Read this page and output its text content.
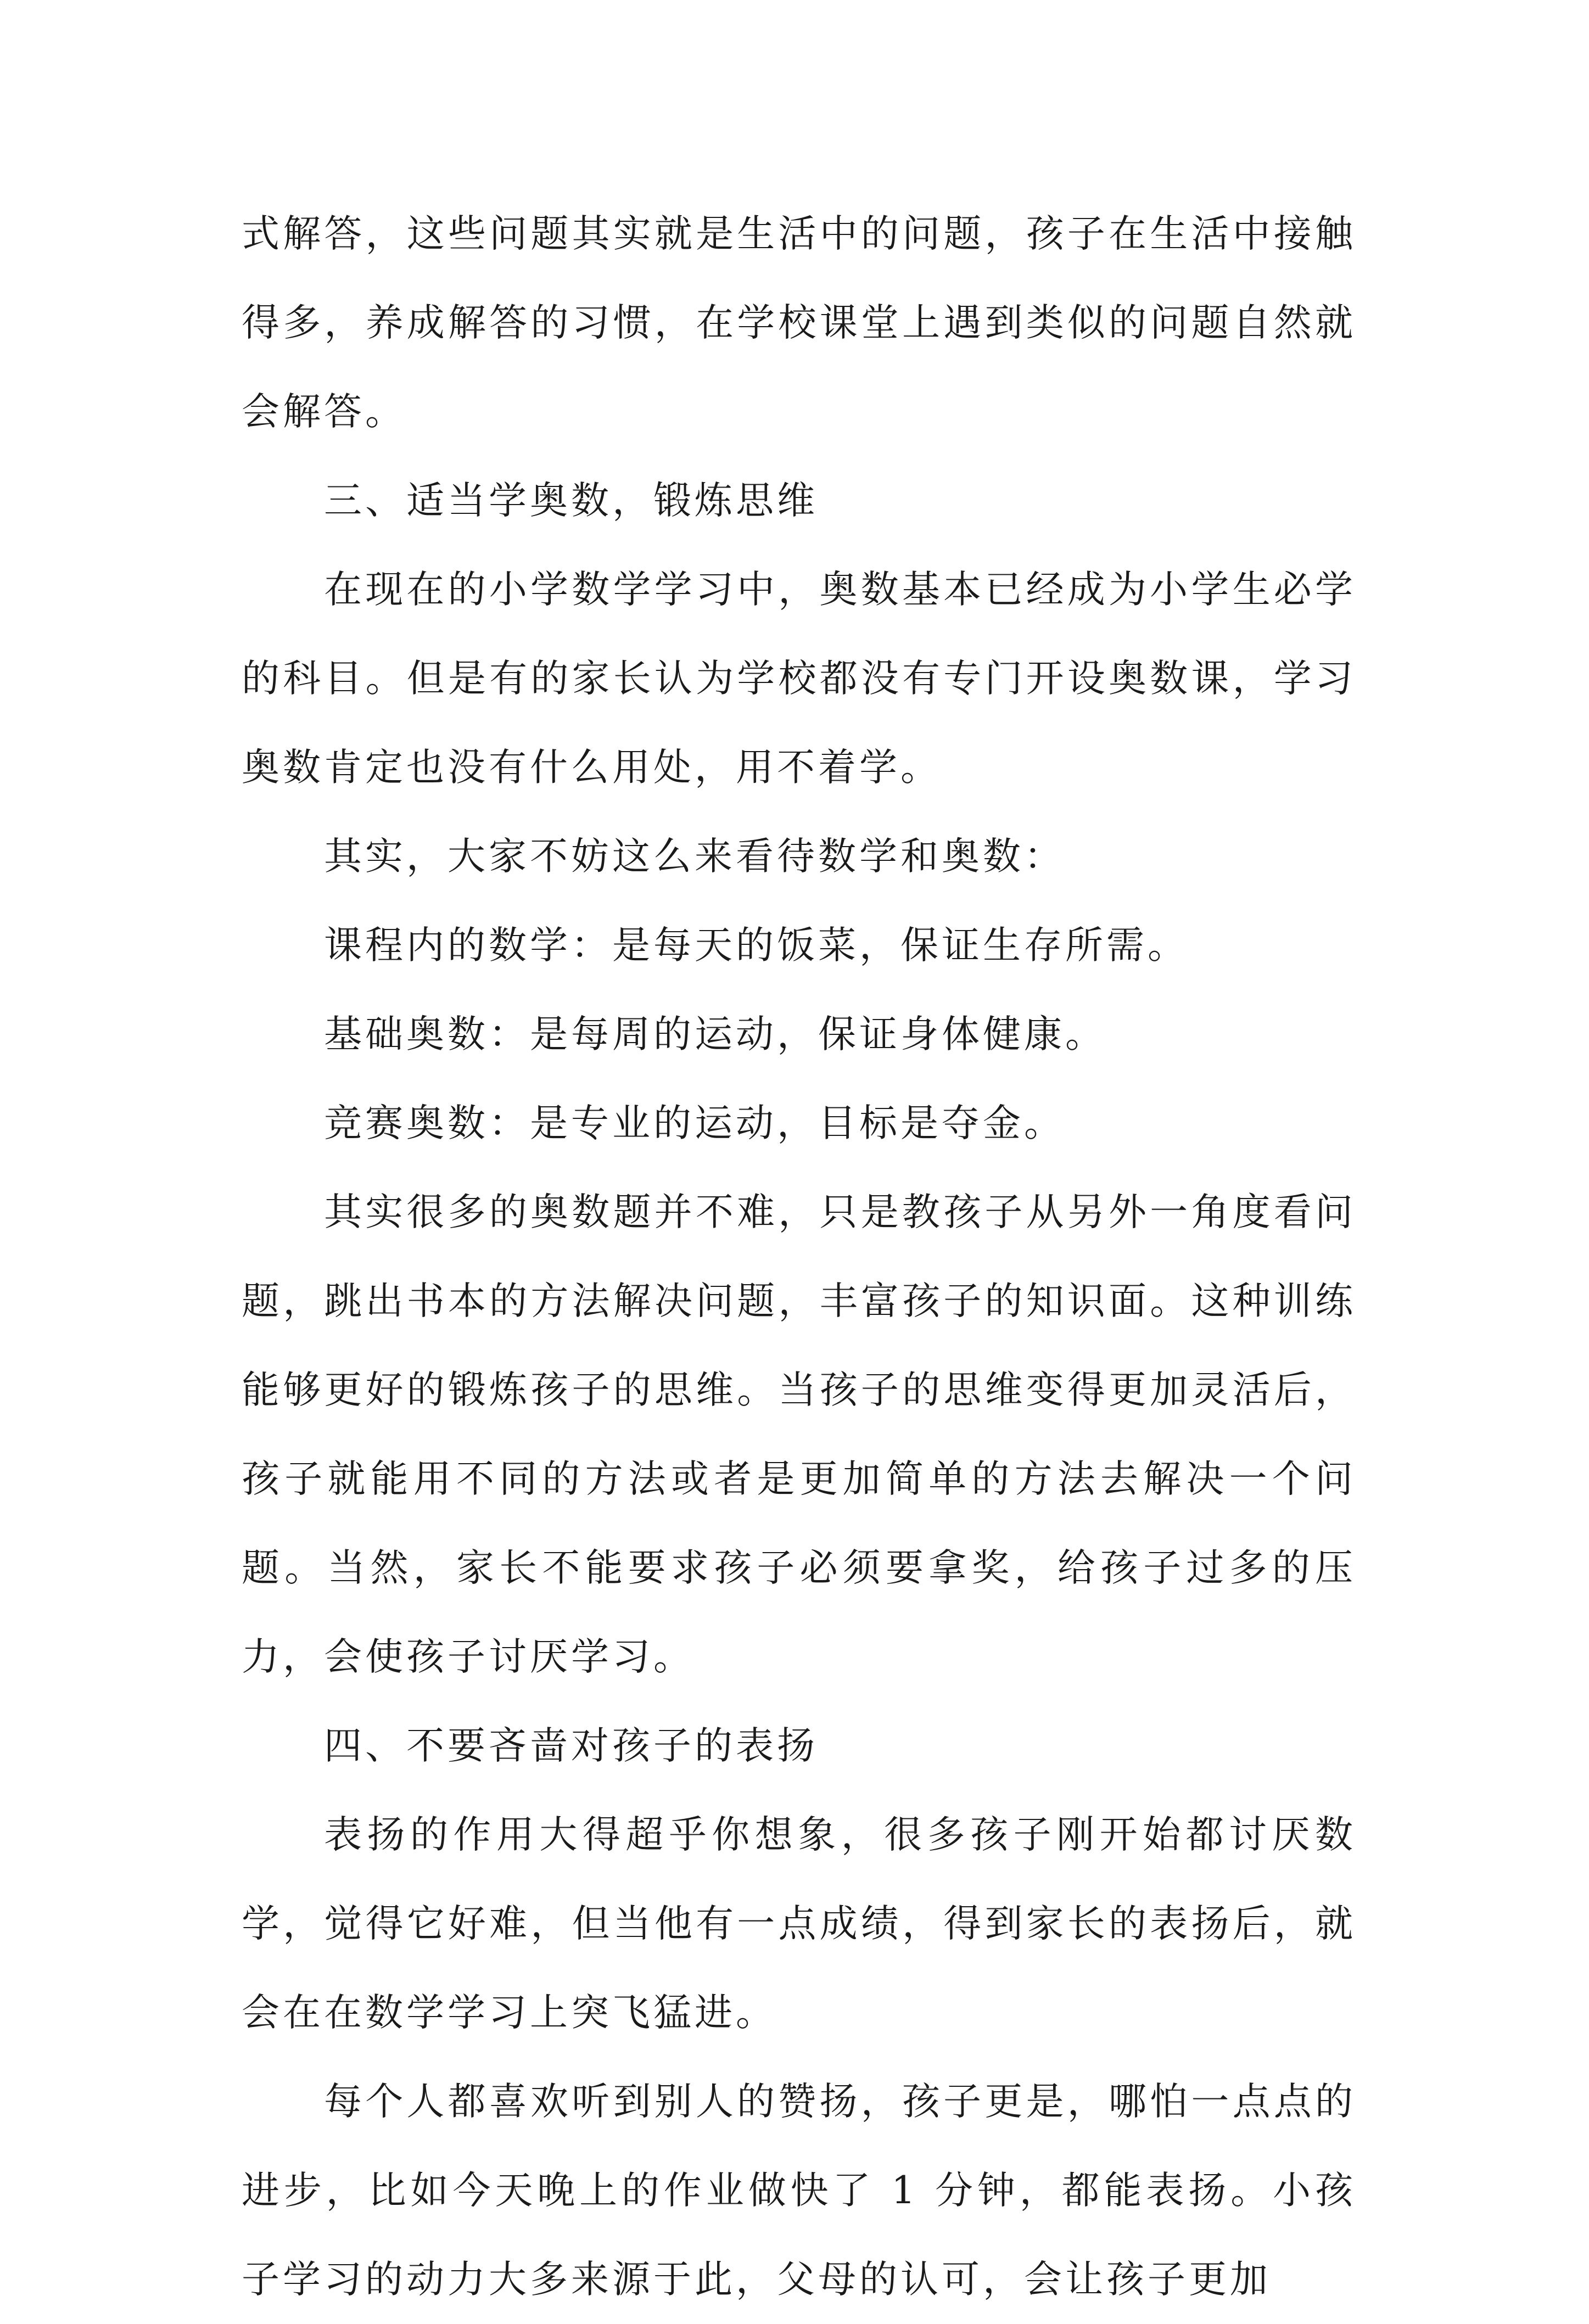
式解答，这些问题其实就是生活中的问题，孩子在生活中接触得多，养成解答的习惯，在学校课堂上遇到类似的问题自然就会解答。

三、适当学奥数，锻炼思维

在现在的小学数学学习中，奥数基本已经成为小学生必学的科目。但是有的家长认为学校都没有专门开设奥数课，学习奥数肯定也没有什么用处，用不着学。

其实，大家不妨这么来看待数学和奥数：

课程内的数学：是每天的饭菜，保证生存所需。

基础奥数：是每周的运动，保证身体健康。

竞赛奥数：是专业的运动，目标是夺金。

其实很多的奥数题并不难，只是教孩子从另外一角度看问题，跳出书本的方法解决问题，丰富孩子的知识面。这种训练能够更好的锻炼孩子的思维。当孩子的思维变得更加灵活后，孩子就能用不同的方法或者是更加简单的方法去解决一个问题。当然，家长不能要求孩子必须要拿奖，给孩子过多的压力，会使孩子讨厌学习。

四、不要吝啬对孩子的表扬

表扬的作用大得超乎你想象，很多孩子刚开始都讨厌数学，觉得它好难，但当他有一点成绩，得到家长的表扬后，就会在在数学学习上突飞猛进。

每个人都喜欢听到别人的赞扬，孩子更是，哪怕一点点的进步，比如今天晚上的作业做快了 1 分钟，都能表扬。小孩子学习的动力大多来源于此，父母的认可，会让孩子更加
